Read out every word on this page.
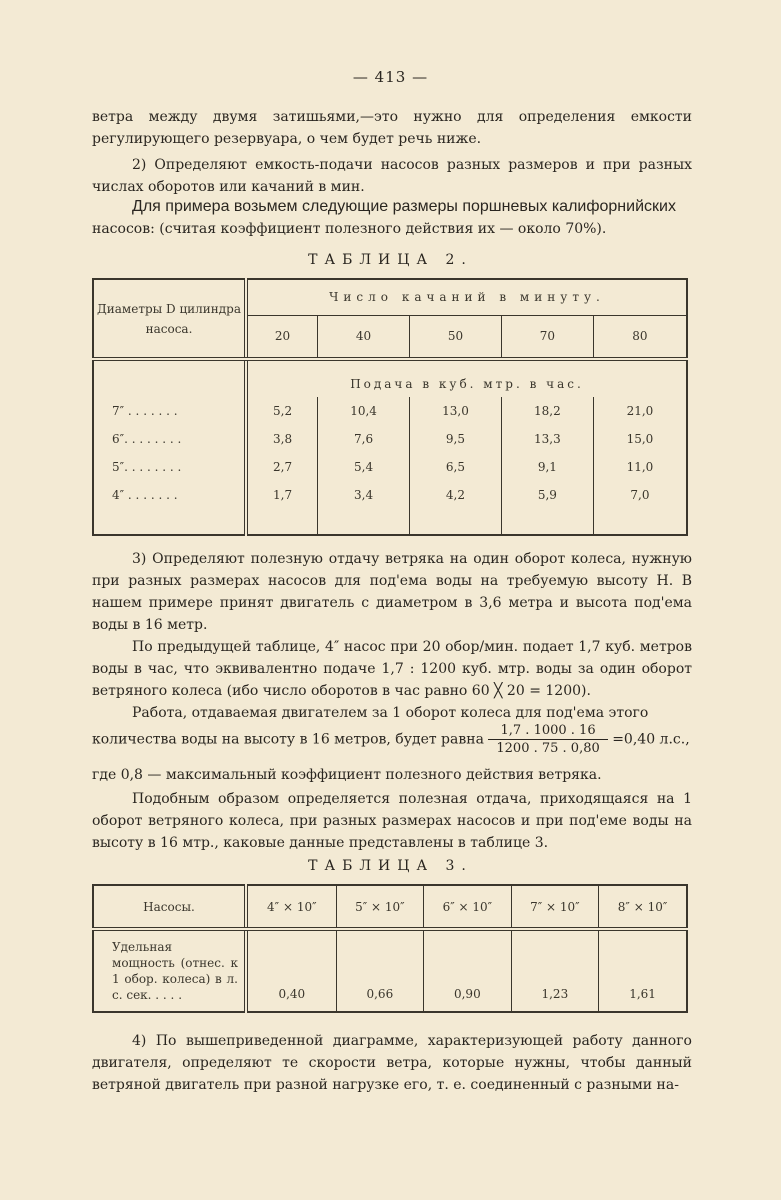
— 413 —

ветра между двумя затишьями,—это нужно для определения емкости регулирующего резервуара, о чем будет речь ниже.

2) Определяют емкость-подачи насосов разных размеров и при разных числах оборотов или качаний в мин.

Для примера возьмем следующие размеры поршневых калифорнийских
насосов: (считая коэффициент полезного действия их — около 70%).

ТАБЛИЦА 2.

Диаметры D цилиндра насоса.	Число качаний в минуту.				
	20	40	50	70	80
	Подача в куб. мтр. в час.				
7″ . . . . . . .	5,2	10,4	13,0	18,2	21,0
6″. . . . . . . .	3,8	7,6	9,5	13,3	15,0
5″. . . . . . . .	2,7	5,4	6,5	9,1	11,0
4″ . . . . . . .	1,7	3,4	4,2	5,9	7,0

3) Определяют полезную отдачу ветряка на один оборот колеса, нужную при разных размерах насосов для под'ема воды на требуемую высоту Н. В нашем примере принят двигатель с диаметром в 3,6 метра и высота под'ема воды в 16 метр.

По предыдущей таблице, 4″ насос при 20 обор/мин. подает 1,7 куб. метров воды в час, что эквивалентно подаче 1,7 : 1200 куб. мтр. воды за один оборот ветряного колеса (ибо число оборотов в час равно 60 ╳ 20 = 1200).

Работа, отдаваемая двигателем за 1 оборот колеса для под'ема этого

количества воды на высоту в 16 метров, будет равна $\frac{1,7 . 1000 . 16}{1200 . 75 . 0,80} =0,40$ л.с.,

где 0,8 — максимальный коэффициент полезного действия ветряка.

Подобным образом определяется полезная отдача, приходящаяся на 1 оборот ветряного колеса, при разных размерах насосов и при под'еме воды на высоту в 16 мтр., каковые данные представлены в таблице 3.

ТАБЛИЦА 3.

Насосы.	4″ × 10″	5″ × 10″	6″ × 10″	7″ × 10″	8″ × 10″
Удельная мощность (отнес. к 1 обор. колеса) в л. с. сек. . . . .	0,40	0,66	0,90	1,23	1,61

4) По вышеприведенной диаграмме, характеризующей работу данного двигателя, определяют те скорости ветра, которые нужны, чтобы данный ветряной двигатель при разной нагрузке его, т. е. соединенный с разными на-
